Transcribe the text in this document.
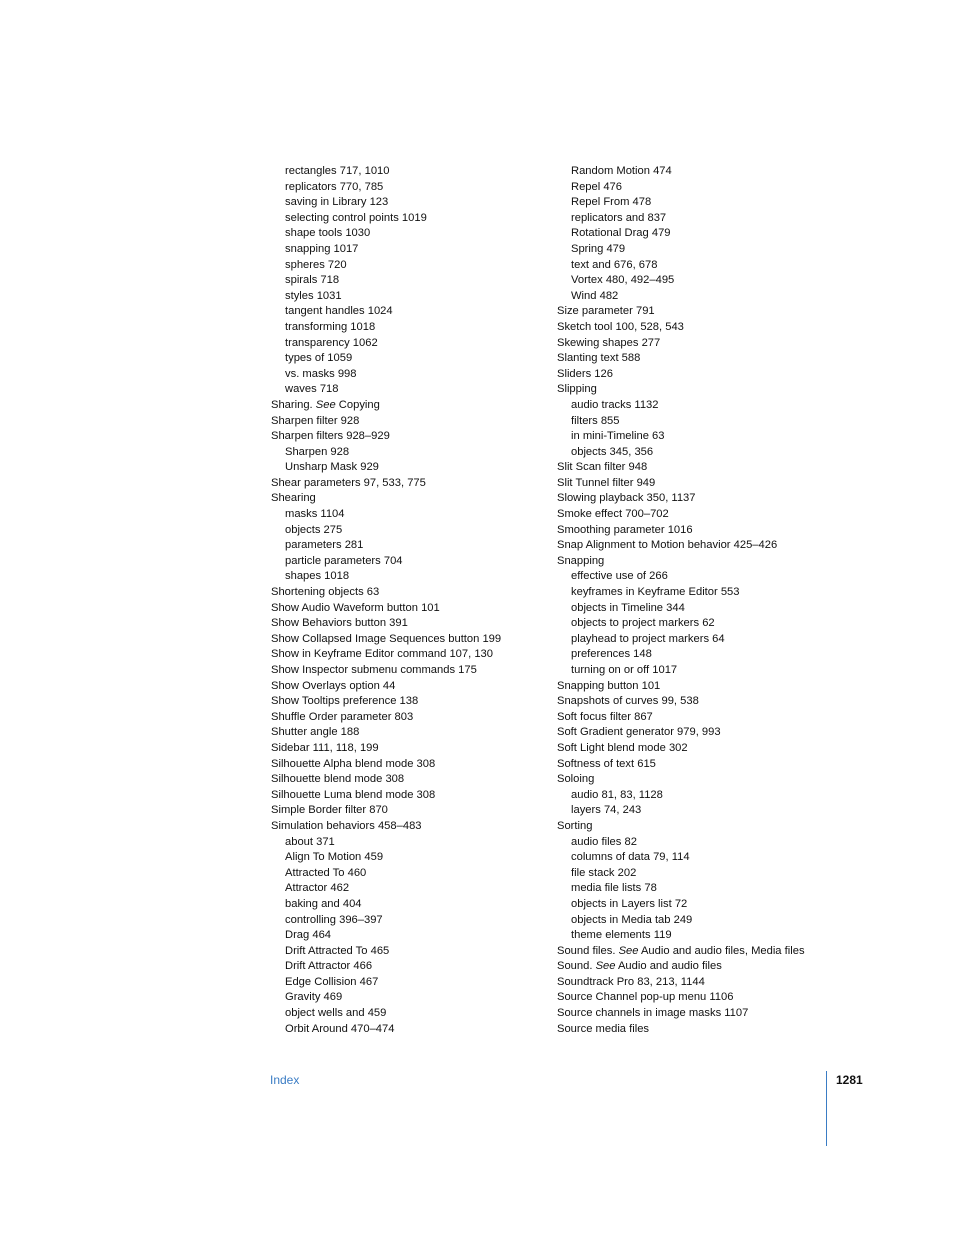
rectangles 717, 1010
replicators 770, 785
saving in Library 123
selecting control points 1019
shape tools 1030
snapping 1017
spheres 720
spirals 718
styles 1031
tangent handles 1024
transforming 1018
transparency 1062
types of 1059
vs. masks 998
waves 718
Sharing. See Copying
Sharpen filter 928
Sharpen filters 928–929
Sharpen 928
Unsharp Mask 929
Shear parameters 97, 533, 775
Shearing
masks 1104
objects 275
parameters 281
particle parameters 704
shapes 1018
Shortening objects 63
Show Audio Waveform button 101
Show Behaviors button 391
Show Collapsed Image Sequences button 199
Show in Keyframe Editor command 107, 130
Show Inspector submenu commands 175
Show Overlays option 44
Show Tooltips preference 138
Shuffle Order parameter 803
Shutter angle 188
Sidebar 111, 118, 199
Silhouette Alpha blend mode 308
Silhouette blend mode 308
Silhouette Luma blend mode 308
Simple Border filter 870
Simulation behaviors 458–483
about 371
Align To Motion 459
Attracted To 460
Attractor 462
baking and 404
controlling 396–397
Drag 464
Drift Attracted To 465
Drift Attractor 466
Edge Collision 467
Gravity 469
object wells and 459
Orbit Around 470–474
Random Motion 474
Repel 476
Repel From 478
replicators and 837
Rotational Drag 479
Spring 479
text and 676, 678
Vortex 480, 492–495
Wind 482
Size parameter 791
Sketch tool 100, 528, 543
Skewing shapes 277
Slanting text 588
Sliders 126
Slipping
audio tracks 1132
filters 855
in mini-Timeline 63
objects 345, 356
Slit Scan filter 948
Slit Tunnel filter 949
Slowing playback 350, 1137
Smoke effect 700–702
Smoothing parameter 1016
Snap Alignment to Motion behavior 425–426
Snapping
effective use of 266
keyframes in Keyframe Editor 553
objects in Timeline 344
objects to project markers 62
playhead to project markers 64
preferences 148
turning on or off 1017
Snapping button 101
Snapshots of curves 99, 538
Soft focus filter 867
Soft Gradient generator 979, 993
Soft Light blend mode 302
Softness of text 615
Soloing
audio 81, 83, 1128
layers 74, 243
Sorting
audio files 82
columns of data 79, 114
file stack 202
media file lists 78
objects in Layers list 72
objects in Media tab 249
theme elements 119
Sound files. See Audio and audio files, Media files
Sound. See Audio and audio files
Soundtrack Pro 83, 213, 1144
Source Channel pop-up menu 1106
Source channels in image masks 1107
Source media files
Index	1281
